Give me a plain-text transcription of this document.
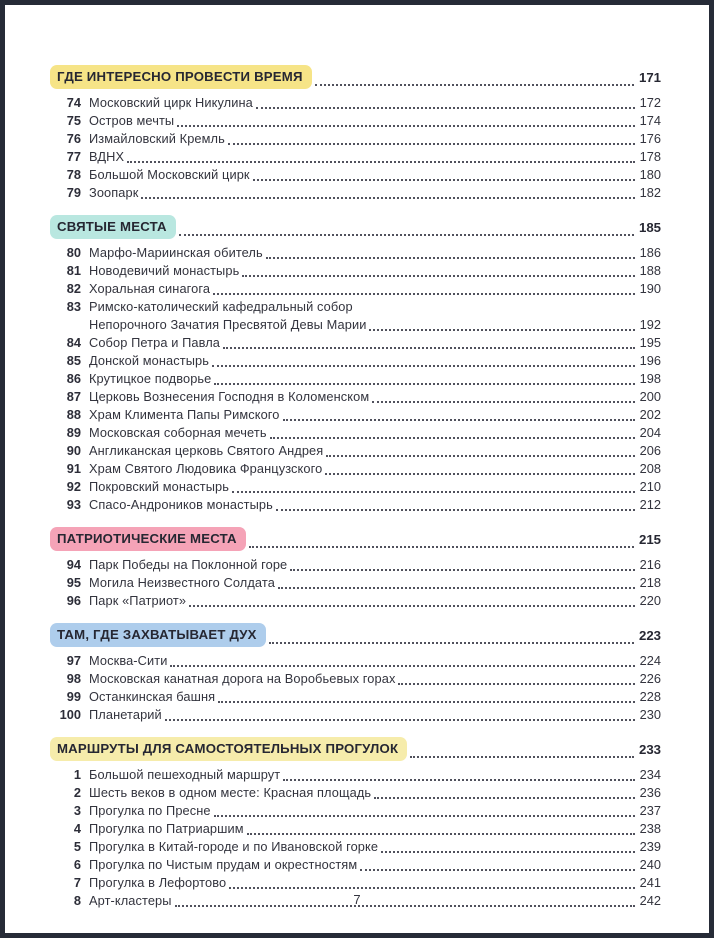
ГДЕ ИНТЕРЕСНО ПРОВЕСТИ ВРЕМЯ	171
74 Московский цирк Никулина	172
75 Остров мечты	174
76 Измайловский Кремль	176
77 ВДНХ	178
78 Большой Московский цирк	180
79 Зоопарк	182
СВЯТЫЕ МЕСТА	185
80 Марфо-Мариинская обитель	186
81 Новодевичий монастырь	188
82 Хоральная синагога	190
83 Римско-католический кафедральный собор
Непорочного Зачатия Пресвятой Девы Марии	192
84 Собор Петра и Павла	195
85 Донской монастырь	196
86 Крутицкое подворье	198
87 Церковь Вознесения Господня в Коломенском	200
88 Храм Климента Папы Римского	202
89 Московская соборная мечеть	204
90 Англиканская церковь Святого Андрея	206
91 Храм Святого Людовика Французского	208
92 Покровский монастырь	210
93 Спасо-Андроников монастырь	212
ПАТРИОТИЧЕСКИЕ МЕСТА	215
94 Парк Победы на Поклонной горе	216
95 Могила Неизвестного Солдата	218
96 Парк «Патриот»	220
ТАМ, ГДЕ ЗАХВАТЫВАЕТ ДУХ	223
97 Москва-Сити	224
98 Московская канатная дорога на Воробьевых горах	226
99 Останкинская башня	228
100 Планетарий	230
МАРШРУТЫ ДЛЯ САМОСТОЯТЕЛЬНЫХ ПРОГУЛОК	233
1 Большой пешеходный маршрут	234
2 Шесть веков в одном месте: Красная площадь	236
3 Прогулка по Пресне	237
4 Прогулка по Патриаршим	238
5 Прогулка в Китай-городе и по Ивановской горке	239
6 Прогулка по Чистым прудам и окрестностям	240
7 Прогулка в Лефортово	241
8 Арт-кластеры	242
7
